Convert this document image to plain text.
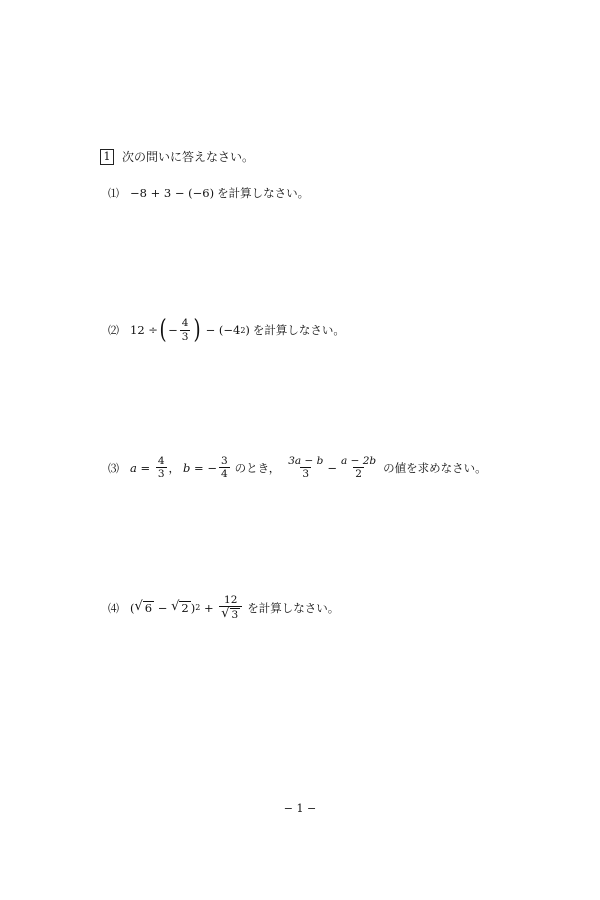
1 次の問いに答えなさい。
⑴ −8 + 3 − (−6) を計算しなさい。
⑵ 12 ÷ ( − $\frac{4}{3}$ ) − (−4 2 ) を計算しなさい。
⑶ $a = \frac{4}{3}$ ， b = − $\frac{3}{4}$ のとき， $\frac{3a - b}{3} - \frac{a - 2b}{2}$ の値を求めなさい。
⑷ ( √ 6 − √ 2 ) $2 + \frac{12}{√ 3}$ を計算しなさい。
− 1 −
